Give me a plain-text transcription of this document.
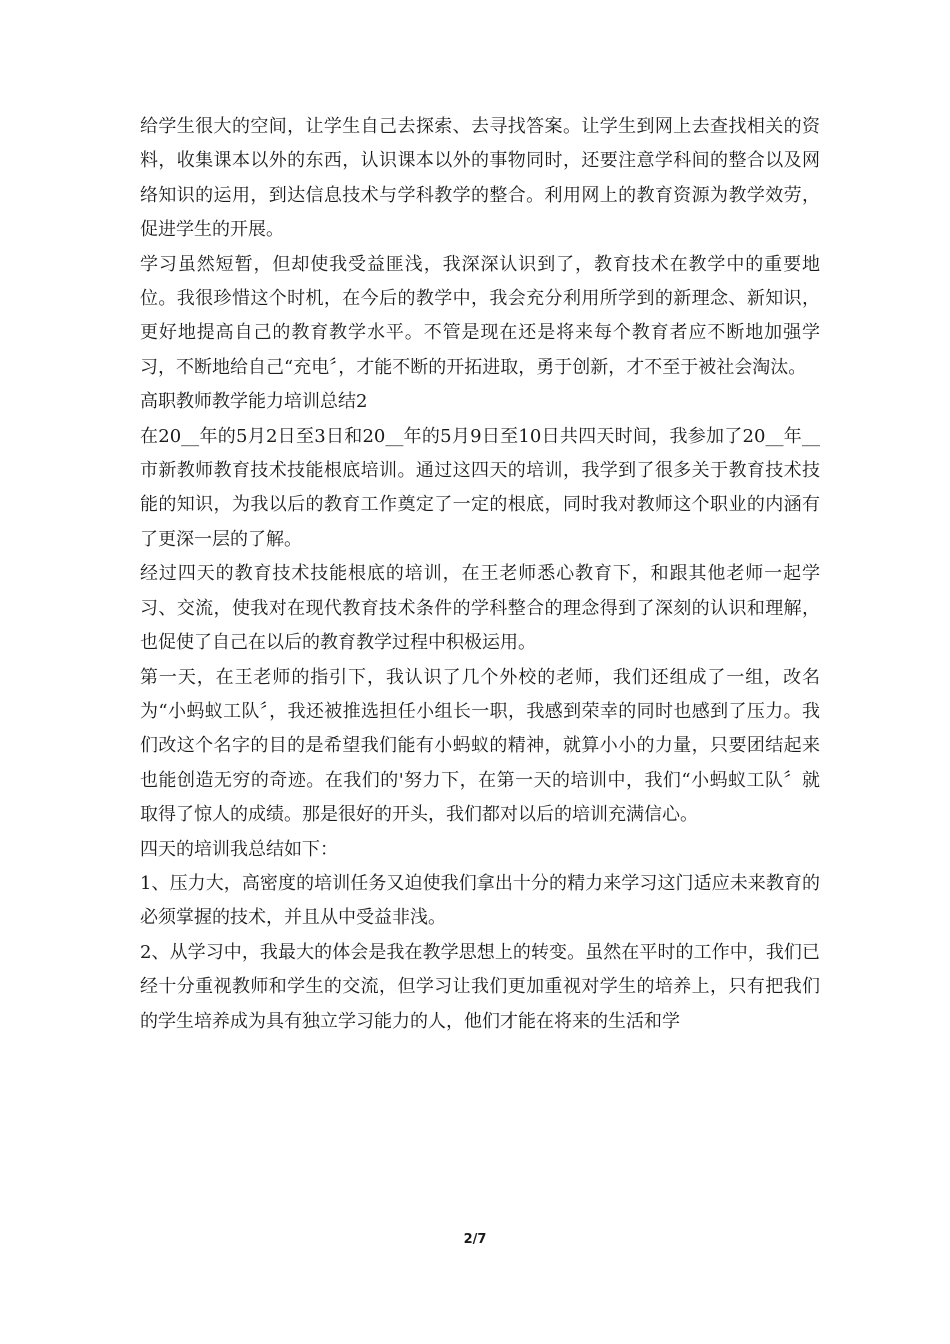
给学生很大的空间，让学生自己去探索、去寻找答案。让学生到网上去查找相关的资料，收集课本以外的东西，认识课本以外的事物同时，还要注意学科间的整合以及网络知识的运用，到达信息技术与学科教学的整合。利用网上的教育资源为教学效劳，促进学生的开展。

学习虽然短暂，但却使我受益匪浅，我深深认识到了，教育技术在教学中的重要地位。我很珍惜这个时机，在今后的教学中，我会充分利用所学到的新理念、新知识，更好地提高自己的教育教学水平。不管是现在还是将来每个教育者应不断地加强学习，不断地给自己“充电〞，才能不断的开拓进取，勇于创新，才不至于被社会淘汰。

高职教师教学能力培训总结2

在20__年的5月2日至3日和20__年的5月9日至10日共四天时间，我参加了20__年__市新教师教育技术技能根底培训。通过这四天的培训，我学到了很多关于教育技术技能的知识，为我以后的教育工作奠定了一定的根底，同时我对教师这个职业的内涵有了更深一层的了解。

经过四天的教育技术技能根底的培训，在王老师悉心教育下，和跟其他老师一起学习、交流，使我对在现代教育技术条件的学科整合的理念得到了深刻的认识和理解，也促使了自己在以后的教育教学过程中积极运用。

第一天，在王老师的指引下，我认识了几个外校的老师，我们还组成了一组，改名为“小蚂蚁工队〞，我还被推选担任小组长一职，我感到荣幸的同时也感到了压力。我们改这个名字的目的是希望我们能有小蚂蚁的精神，就算小小的力量，只要团结起来也能创造无穷的奇迹。在我们的'努力下，在第一天的培训中，我们“小蚂蚁工队〞就取得了惊人的成绩。那是很好的开头，我们都对以后的培训充满信心。

四天的培训我总结如下：

1、压力大，高密度的培训任务又迫使我们拿出十分的精力来学习这门适应未来教育的必须掌握的技术，并且从中受益非浅。

2、从学习中，我最大的体会是我在教学思想上的转变。虽然在平时的工作中，我们已经十分重视教师和学生的交流，但学习让我们更加重视对学生的培养上，只有把我们的学生培养成为具有独立学习能力的人，他们才能在将来的生活和学

2/7
